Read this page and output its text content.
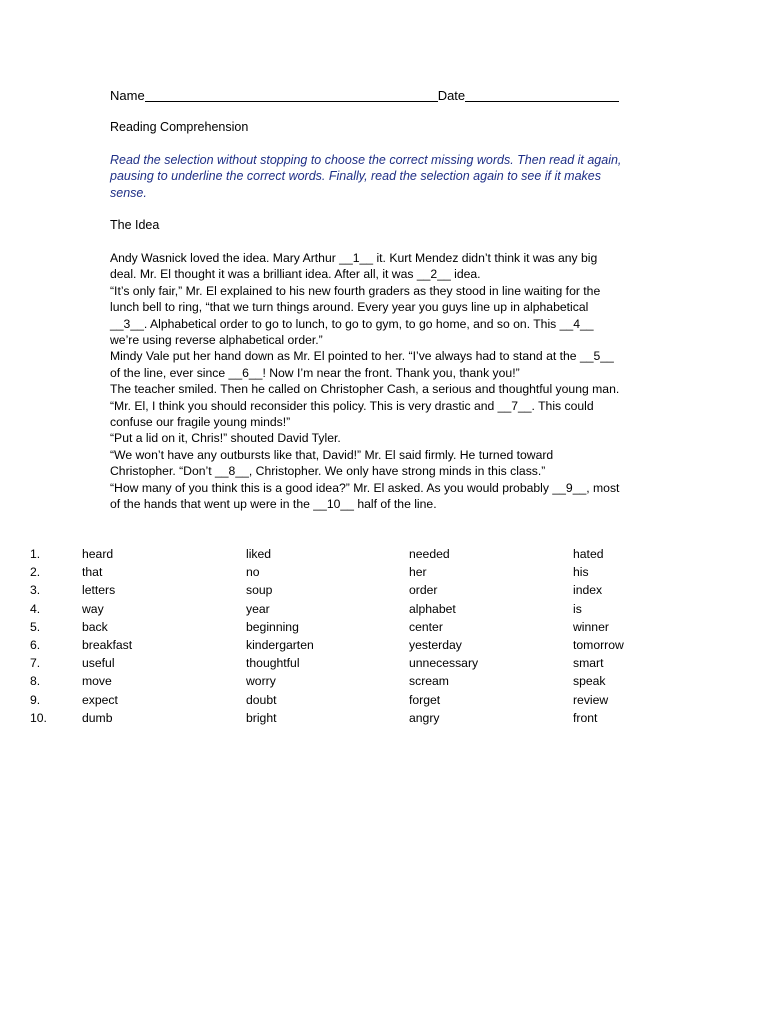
Name	Date
Reading Comprehension
Read the selection without stopping to choose the correct missing words. Then read it again,
pausing to underline the correct words. Finally, read the selection again to see if it makes
sense.
The Idea
Andy Wasnick loved the idea. Mary Arthur __1__ it. Kurt Mendez didn’t think it was any big
deal. Mr. El thought it was a brilliant idea. After all, it was __2__ idea.
“It’s only fair,” Mr. El explained to his new fourth graders as they stood in line waiting for the
lunch bell to ring, “that we turn things around. Every year you guys line up in alphabetical
__3__. Alphabetical order to go to lunch, to go to gym, to go home, and so on. This __4__
we’re using reverse alphabetical order.”
Mindy Vale put her hand down as Mr. El pointed to her. “I’ve always had to stand at the __5__
of the line, ever since __6__! Now I’m near the front. Thank you, thank you!”
The teacher smiled. Then he called on Christopher Cash, a serious and thoughtful young man.
“Mr. El, I think you should reconsider this policy. This is very drastic and __7__. This could
confuse our fragile young minds!”
“Put a lid on it, Chris!” shouted David Tyler.
“We won’t have any outbursts like that, David!” Mr. El said firmly. He turned toward
Christopher. “Don’t __8__, Christopher. We only have strong minds in this class.”
“How many of you think this is a good idea?” Mr. El asked. As you would probably __9__, most
of the hands that went up were in the __10__ half of the line.
1.	heard	liked	needed	hated
2.	that	no	her	his
3.	letters	soup	order	index
4.	way	year	alphabet	is
5.	back	beginning	center	winner
6.	breakfast	kindergarten	yesterday	tomorrow
7.	useful	thoughtful	unnecessary	smart
8.	move	worry	scream	speak
9.	expect	doubt	forget	review
10.	dumb	bright	angry	front
